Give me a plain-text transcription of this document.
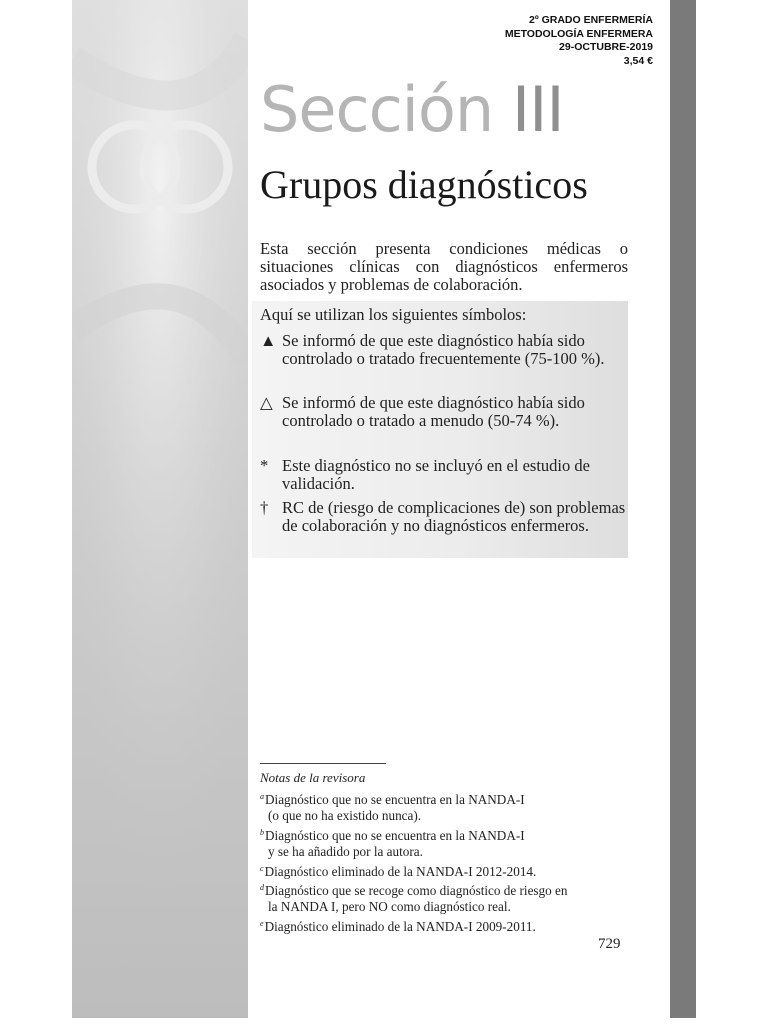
2º GRADO ENFERMERÍA
METODOLOGÍA ENFERMERA
29-OCTUBRE-2019
3,54 €
Sección III
Grupos diagnósticos
Esta sección presenta condiciones médicas o situaciones clínicas con diagnósticos enfermeros asociados y problemas de colaboración.
Aquí se utilizan los siguientes símbolos:
▲ Se informó de que este diagnóstico había sido controlado o tratado frecuentemente (75-100 %).
△ Se informó de que este diagnóstico había sido controlado o tratado a menudo (50-74 %).
* Este diagnóstico no se incluyó en el estudio de validación.
† RC de (riesgo de complicaciones de) son problemas de colaboración y no diagnósticos enfermeros.
Notas de la revisora
$^a$Diagnóstico que no se encuentra en la NANDA-I
(o que no ha existido nunca).
$^b$Diagnóstico que no se encuentra en la NANDA-I
y se ha añadido por la autora.
$^c$Diagnóstico eliminado de la NANDA-I 2012-2014.
$^d$Diagnóstico que se recoge como diagnóstico de riesgo en
la NANDA I, pero NO como diagnóstico real.
$^e$Diagnóstico eliminado de la NANDA-I 2009-2011.
729
